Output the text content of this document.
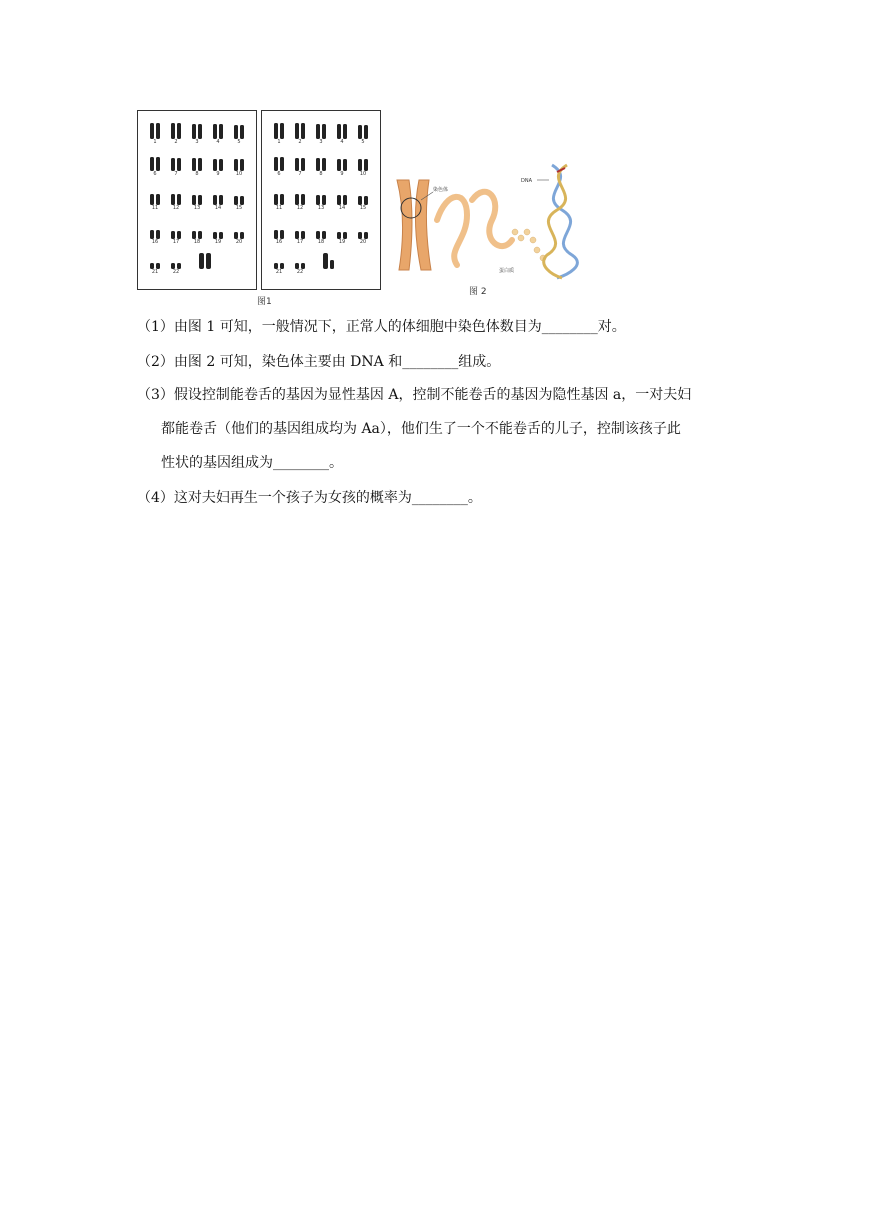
1	2	3	4	5
6	7	8	9	10
11	12	13	14	15
16	17	18	19	20
21	22
1	2	3	4	5
6	7	8	9	10
11	12	13	14	15
16	17	18	19	20
21	22
图1
染色体
蛋白质
DNA
图 2
（1）由图 1 可知，一般情况下，正常人的体细胞中染色体数目为________对。
（2）由图 2 可知，染色体主要由 DNA 和________组成。
（3）假设控制能卷舌的基因为显性基因 A，控制不能卷舌的基因为隐性基因 a，一对夫妇
都能卷舌（他们的基因组成均为 Aa），他们生了一个不能卷舌的儿子，控制该孩子此
性状的基因组成为________。
（4）这对夫妇再生一个孩子为女孩的概率为________。
